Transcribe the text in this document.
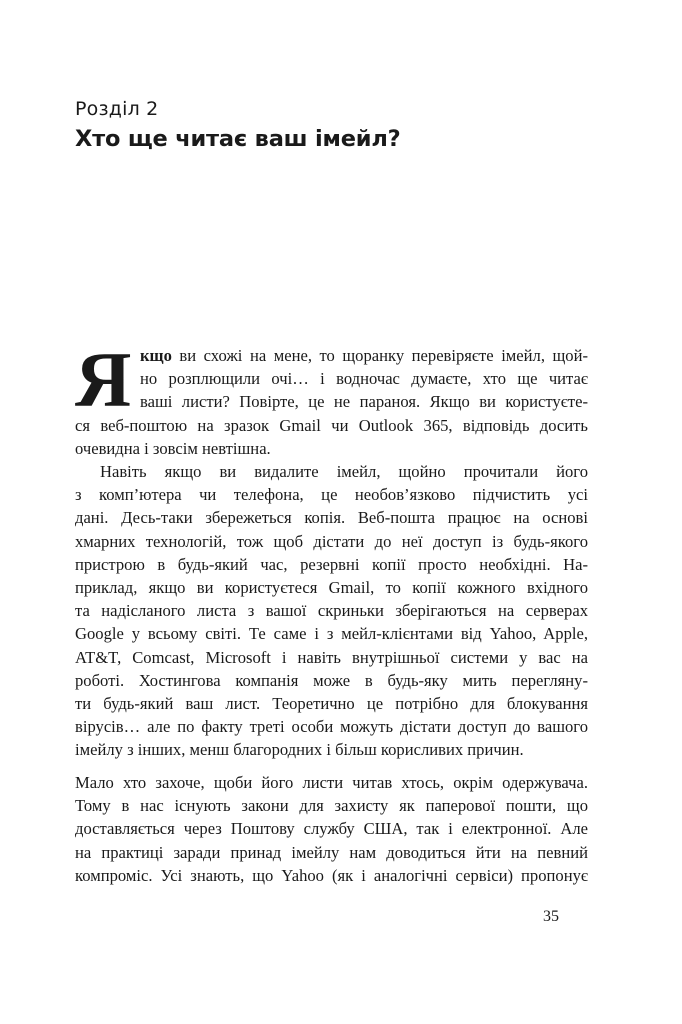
Розділ 2
Хто ще читає ваш імейл?
Я кщо ви схожі на мене, то щоранку перевіряєте імейл, щой-
но розплющили очі… і водночас думаєте, хто ще читає
ваші листи? Повірте, це не параноя. Якщо ви користуєте-
ся веб-поштою на зразок Gmail чи Outlook 365, відповідь досить
очевидна і зовсім невтішна.
Навіть якщо ви видалите імейл, щойно прочитали його
з комп’ютера чи телефона, це необов’язково підчистить усі
дані. Десь-таки збережеться копія. Веб-пошта працює на основі
хмарних технологій, тож щоб дістати до неї доступ із будь-якого
пристрою в будь-який час, резервні копії просто необхідні. На-
приклад, якщо ви користуєтеся Gmail, то копії кожного вхідного
та надісланого листа з вашої скриньки зберігаються на серверах
Google у всьому світі. Те саме і з мейл-клієнтами від Yahoo, Apple,
AT&T, Comcast, Microsoft і навіть внутрішньої системи у вас на
роботі. Хостингова компанія може в будь-яку мить переглянy-
ти будь-який ваш лист. Теоретично це потрібно для блокування
вірусів… але по факту треті особи можуть дістати доступ до вашого
імейлу з інших, менш благородних і більш корисливих причин.
Мало хто захоче, щоби його листи читав хтось, окрім одержувача.
Тому в нас існують закони для захисту як паперової пошти, що
доставляється через Поштову службу США, так і електронної. Але
на практиці заради принад імейлу нам доводиться йти на певний
компроміс. Усі знають, що Yahoo (як і аналогічні сервіси) пропонує
35
